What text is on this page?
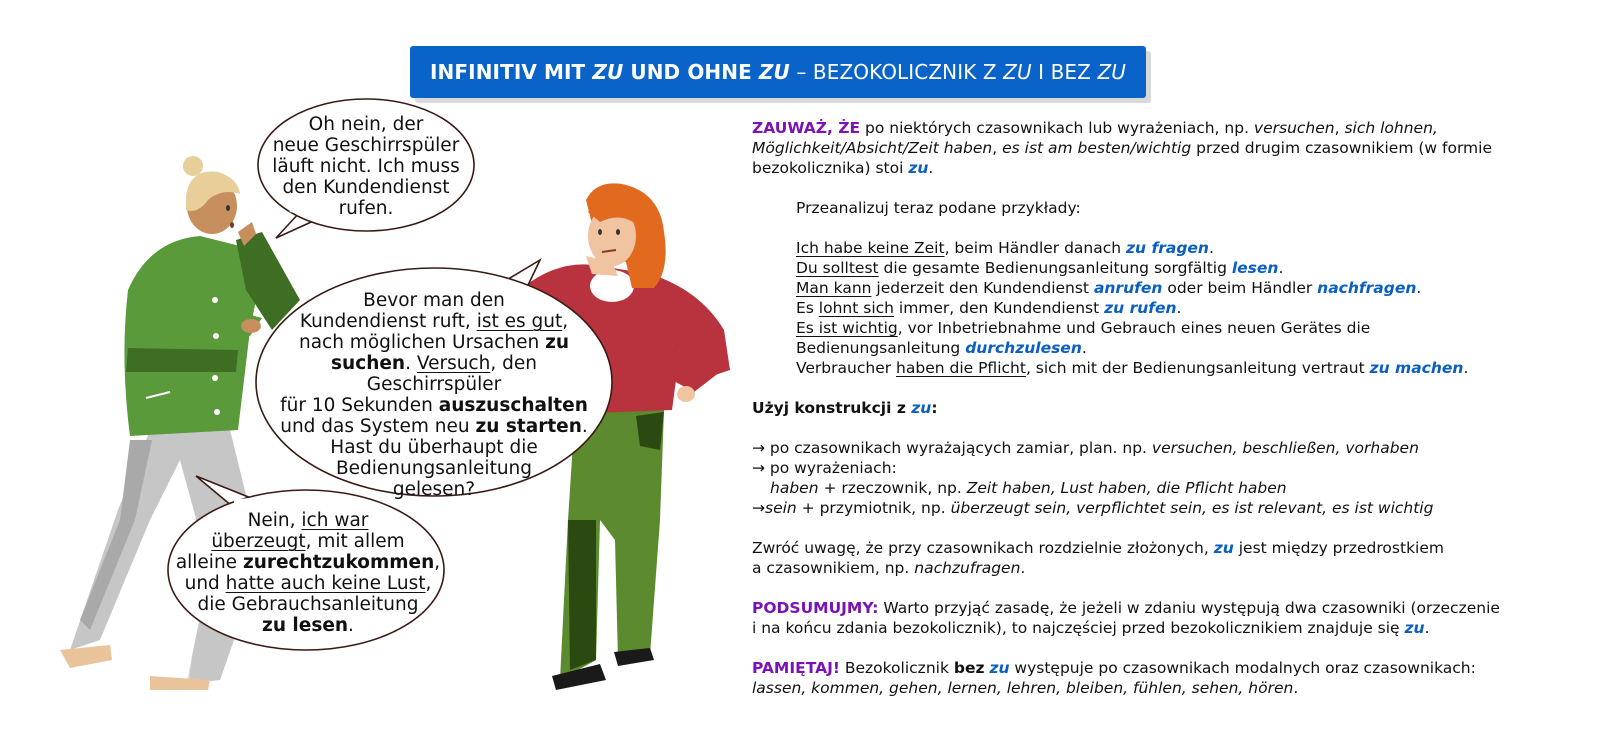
INFINITIV MIT ZU UND OHNE ZU – BEZOKOLICZNIK Z ZU I BEZ ZU
Oh nein, der
neue Geschirrspüler
läuft nicht. Ich muss
den Kundendienst
rufen.
Bevor man den
Kundendienst ruft, ist es gut,
nach möglichen Ursachen zu
suchen. Versuch, den Geschirrspüler
für 10 Sekunden auszuschalten
und das System neu zu starten.
Hast du überhaupt die
Bedienungsanleitung
gelesen?
Nein, ich war
überzeugt, mit allem
alleine zurechtzukommen,
und hatte auch keine Lust,
die Gebrauchsanleitung
zu lesen.

ZAUWAŻ, ŻE po niektórych czasownikach lub wyrażeniach, np. versuchen, sich lohnen,

Möglichkeit/Absicht/Zeit haben, es ist am besten/wichtig przed drugim czasownikiem (w formie

bezokolicznika) stoi zu.

Przeanalizuj teraz podane przykłady:

Ich habe keine Zeit, beim Händler danach zu fragen.

Du solltest die gesamte Bedienungsanleitung sorgfältig lesen.

Man kann jederzeit den Kundendienst anrufen oder beim Händler nachfragen.

Es lohnt sich immer, den Kundendienst zu rufen.

Es ist wichtig, vor Inbetriebnahme und Gebrauch eines neuen Gerätes die

Bedienungsanleitung durchzulesen.

Verbraucher haben die Pflicht, sich mit der Bedienungsanleitung vertraut zu machen.

Użyj konstrukcji z zu:

→ po czasownikach wyrażających zamiar, plan. np. versuchen, beschließen, vorhaben

→ po wyrażeniach:

haben + rzeczownik, np. Zeit haben, Lust haben, die Pflicht haben

→sein + przymiotnik, np. überzeugt sein, verpflichtet sein, es ist relevant, es ist wichtig

Zwróć uwagę, że przy czasownikach rozdzielnie złożonych, zu jest między przedrostkiem

a czasownikiem, np. nachzufragen.

PODSUMUJMY: Warto przyjąć zasadę, że jeżeli w zdaniu występują dwa czasowniki (orzeczenie

i na końcu zdania bezokolicznik), to najczęściej przed bezokolicznikiem znajduje się zu.

PAMIĘTAJ! Bezokolicznik bez zu występuje po czasownikach modalnych oraz czasownikach:

lassen, kommen, gehen, lernen, lehren, bleiben, fühlen, sehen, hören.
